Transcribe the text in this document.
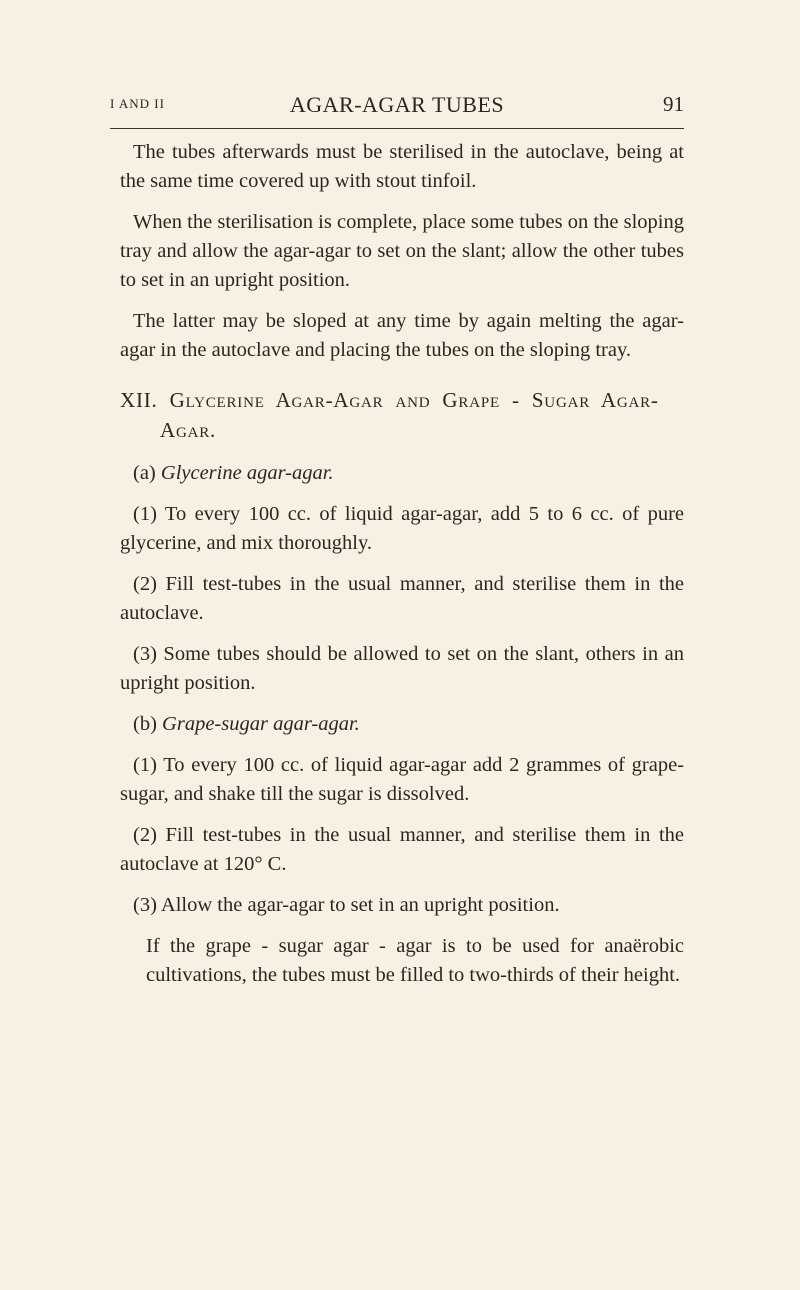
I AND II	AGAR-AGAR TUBES	91

The tubes afterwards must be sterilised in the autoclave, being at the same time covered up with stout tinfoil.

When the sterilisation is complete, place some tubes on the sloping tray and allow the agar-agar to set on the slant; allow the other tubes to set in an upright position.

The latter may be sloped at any time by again melting the agar-agar in the autoclave and placing the tubes on the sloping tray.

XII. Glycerine Agar-Agar and Grape - Sugar Agar-Agar.
(a) Glycerine agar-agar.

(1) To every 100 cc. of liquid agar-agar, add 5 to 6 cc. of pure glycerine, and mix thoroughly.

(2) Fill test-tubes in the usual manner, and sterilise them in the autoclave.

(3) Some tubes should be allowed to set on the slant, others in an upright position.

(b) Grape-sugar agar-agar.

(1) To every 100 cc. of liquid agar-agar add 2 grammes of grape-sugar, and shake till the sugar is dissolved.

(2) Fill test-tubes in the usual manner, and sterilise them in the autoclave at 120° C.

(3) Allow the agar-agar to set in an upright position.

If the grape - sugar agar - agar is to be used for anaërobic cultivations, the tubes must be filled to two-thirds of their height.
